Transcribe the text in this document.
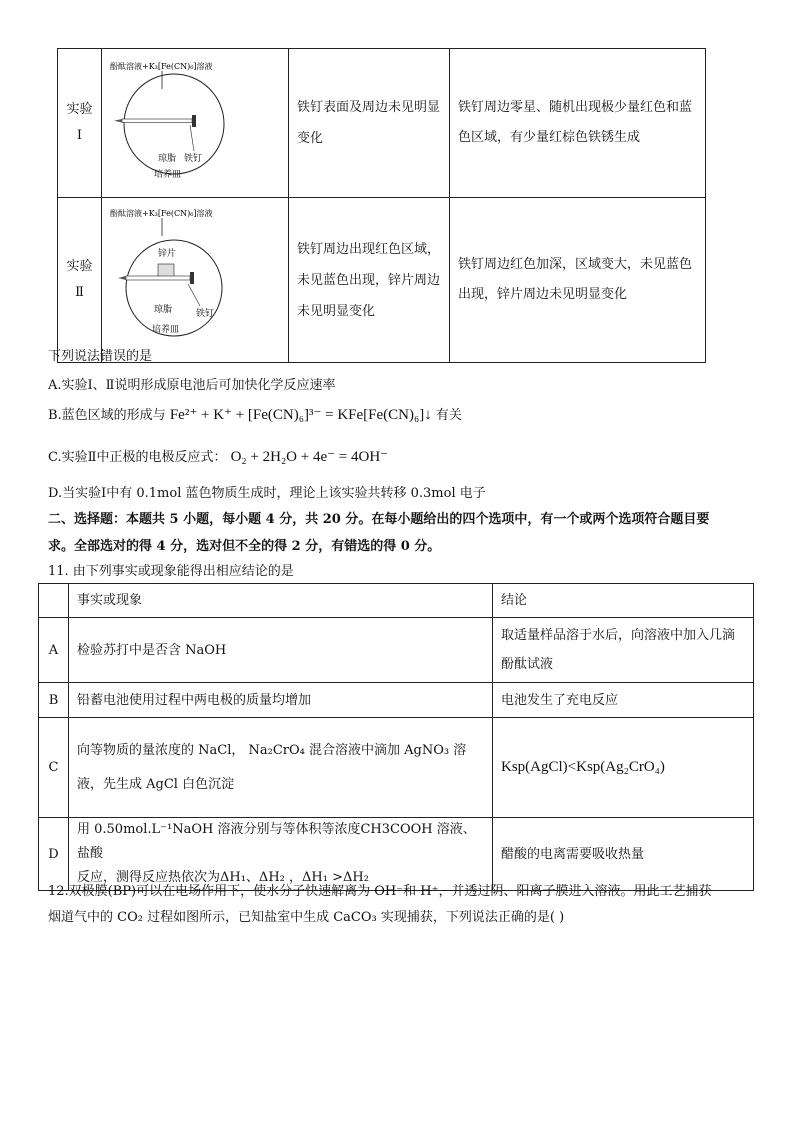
实验 Ⅰ	酚酞溶液+K₃[Fe(CN)₆]溶液
铁钉
琼脂
培养皿	铁钉表面及周边未见明显变化	铁钉周边零星、随机出现极少量红色和蓝色区域，有少量红棕色铁锈生成
实验 Ⅱ	酚酞溶液+K₃[Fe(CN)₆]溶液
锌片
铁钉
琼脂
培养皿	铁钉周边出现红色区域，未见蓝色出现，锌片周边未见明显变化	铁钉周边红色加深，区域变大，未见蓝色出现，锌片周边未见明显变化
下列说法错误的是
A.实验Ⅰ、Ⅱ说明形成原电池后可加快化学反应速率
B.蓝色区域的形成与 Fe²⁺ + K⁺ + [Fe(CN)₆]³⁻ = KFe[Fe(CN)₆]↓ 有关
C.实验Ⅱ中正极的电极反应式： O₂ + 2H₂O + 4e⁻ = 4OH⁻
D.当实验Ⅰ中有 0.1mol 蓝色物质生成时，理论上该实验共转移 0.3mol 电子
二、选择题：本题共 5 小题，每小题 4 分，共 20 分。在每小题给出的四个选项中，有一个或两个选项符合题目要
求。全部选对的得 4 分，选对但不全的得 2 分，有错选的得 0 分。
11. 由下列事实或现象能得出相应结论的是
	事实或现象	结论
A	检验苏打中是否含 NaOH	取适量样品溶于水后，向溶液中加入几滴酚酞试液
B	铅蓄电池使用过程中两电极的质量均增加	电池发生了充电反应
C	向等物质的量浓度的 NaCl， Na₂CrO₄ 混合溶液中滴加 AgNO₃ 溶
液，先生成 AgCl 白色沉淀	Ksp(AgCl)<Ksp(Ag₂CrO₄)
D	用 0.50mol.L⁻¹NaOH 溶液分别与等体积等浓度CH3COOH 溶液、盐酸
反应，测得反应热依次为ΔH₁、ΔH₂ ，ΔH₁ >ΔH₂	醋酸的电离需要吸收热量
12.双极膜(BP)可以在电场作用下，使水分子快速解离为 OH⁻和 H⁺，并透过阴、阳离子膜进入溶液。用此工艺捕获
烟道气中的 CO₂ 过程如图所示，已知盐室中生成 CaCO₃ 实现捕获，下列说法正确的是( )
